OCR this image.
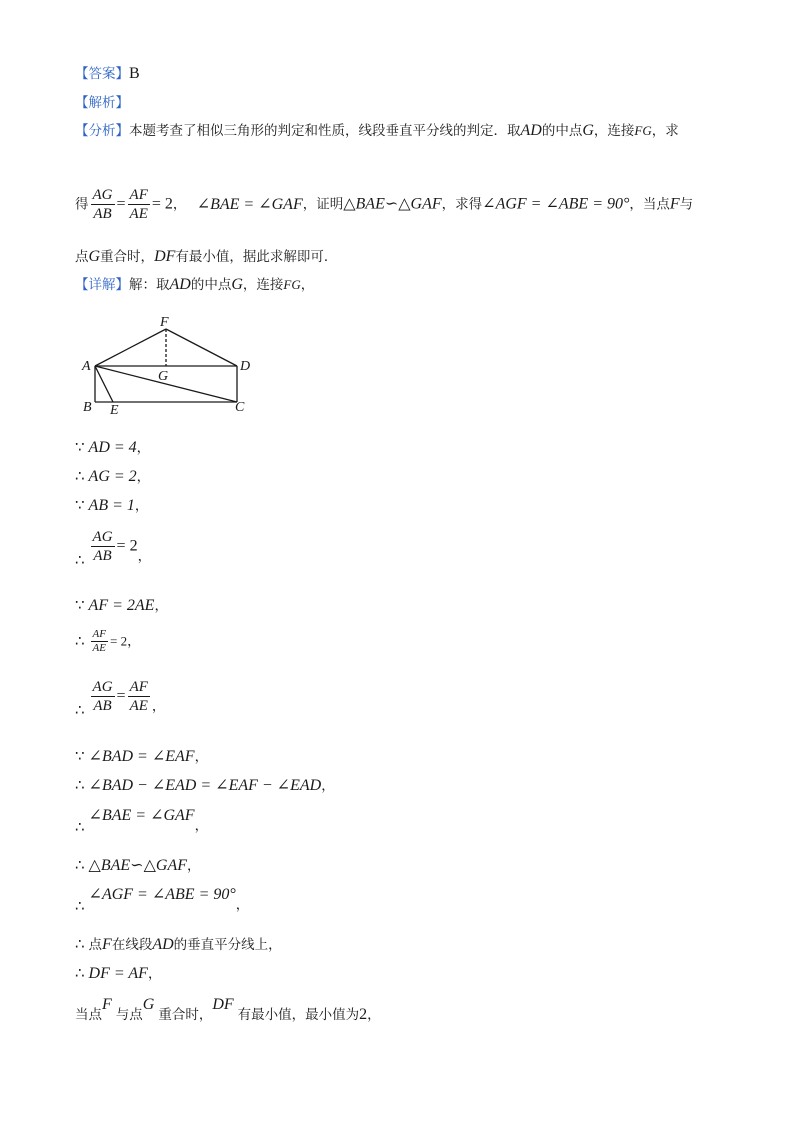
【答案】B
【解析】
【分析】本题考查了相似三角形的判定和性质，线段垂直平分线的判定．取AD的中点G，连接FG，求
得 $\frac{AG}{AB} = \frac{AF}{AE} = 2$， ∠BAE = ∠GAF，证明△BAE∽△GAF，求得∠AGF = ∠ABE = 90°，当点F与
点G重合时，DF有最小值，据此求解即可．
【详解】解：取AD的中点G，连接FG，
F
A
G
D
B E	C
∵ AD = 4，
∴ AG = 2，
∵ AB = 1，
∴ $\frac{AG}{AB} = 2$，
∵ AF = 2AE，
∴ $\frac{AF}{AE} = 2$，
∴ $\frac{AG}{AB} = \frac{AF}{AE}$ ，
∵ ∠BAD = ∠EAF，
∴ ∠BAD − ∠EAD = ∠EAF − ∠EAD，
∴∠BAE = ∠GAF，
∴ △BAE∽△GAF，
∴∠AGF = ∠ABE = 90°，
∴ 点F在线段AD的垂直平分线上，
∴ DF = AF，
当点F与点G重合时，DF有最小值，最小值为2，
